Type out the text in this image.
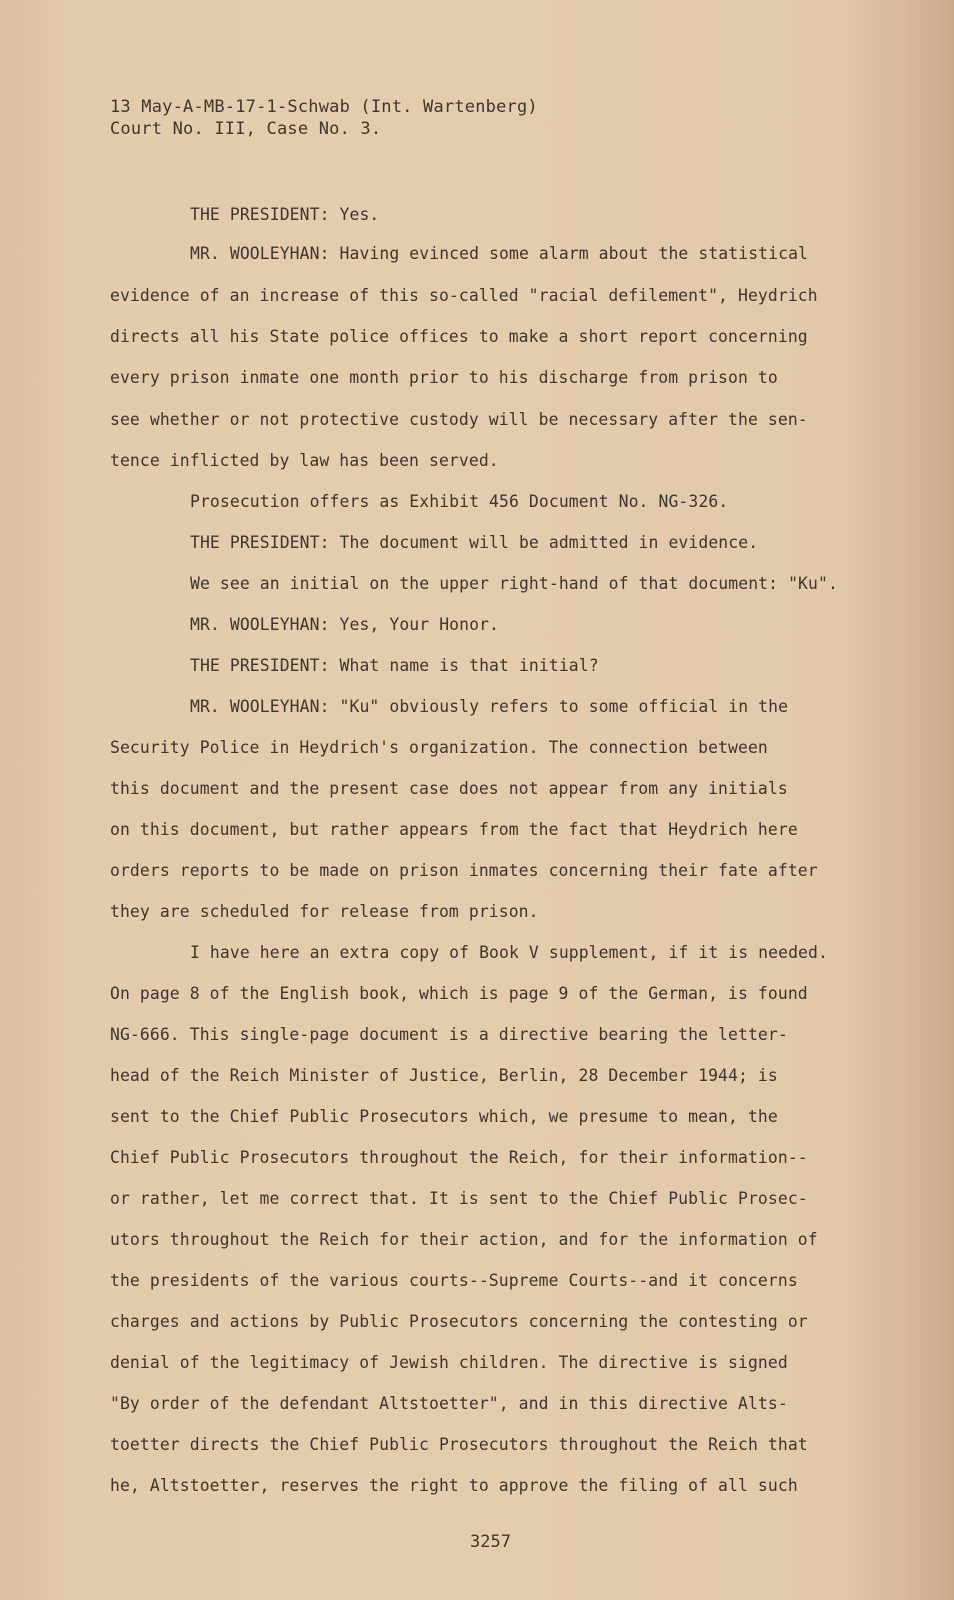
13 May-A-MB-17-1-Schwab (Int. Wartenberg)
Court No. III, Case No. 3.
THE PRESIDENT: Yes.
MR. WOOLEYHAN: Having evinced some alarm about the statistical
evidence of an increase of this so-called "racial defilement", Heydrich
directs all his State police offices to make a short report concerning
every prison inmate one month prior to his discharge from prison to
see whether or not protective custody will be necessary after the sen-
tence inflicted by law has been served.
Prosecution offers as Exhibit 456 Document No. NG-326.
THE PRESIDENT: The document will be admitted in evidence.
We see an initial on the upper right-hand of that document: "Ku".
MR. WOOLEYHAN: Yes, Your Honor.
THE PRESIDENT: What name is that initial?
MR. WOOLEYHAN: "Ku" obviously refers to some official in the
Security Police in Heydrich's organization. The connection between
this document and the present case does not appear from any initials
on this document, but rather appears from the fact that Heydrich here
orders reports to be made on prison inmates concerning their fate after
they are scheduled for release from prison.
I have here an extra copy of Book V supplement, if it is needed.
On page 8 of the English book, which is page 9 of the German, is found
NG-666. This single-page document is a directive bearing the letter-
head of the Reich Minister of Justice, Berlin, 28 December 1944; is
sent to the Chief Public Prosecutors which, we presume to mean, the
Chief Public Prosecutors throughout the Reich, for their information--
or rather, let me correct that. It is sent to the Chief Public Prosec-
utors throughout the Reich for their action, and for the information of
the presidents of the various courts--Supreme Courts--and it concerns
charges and actions by Public Prosecutors concerning the contesting or
denial of the legitimacy of Jewish children. The directive is signed
"By order of the defendant Altstoetter", and in this directive Alts-
toetter directs the Chief Public Prosecutors throughout the Reich that
he, Altstoetter, reserves the right to approve the filing of all such
3257
